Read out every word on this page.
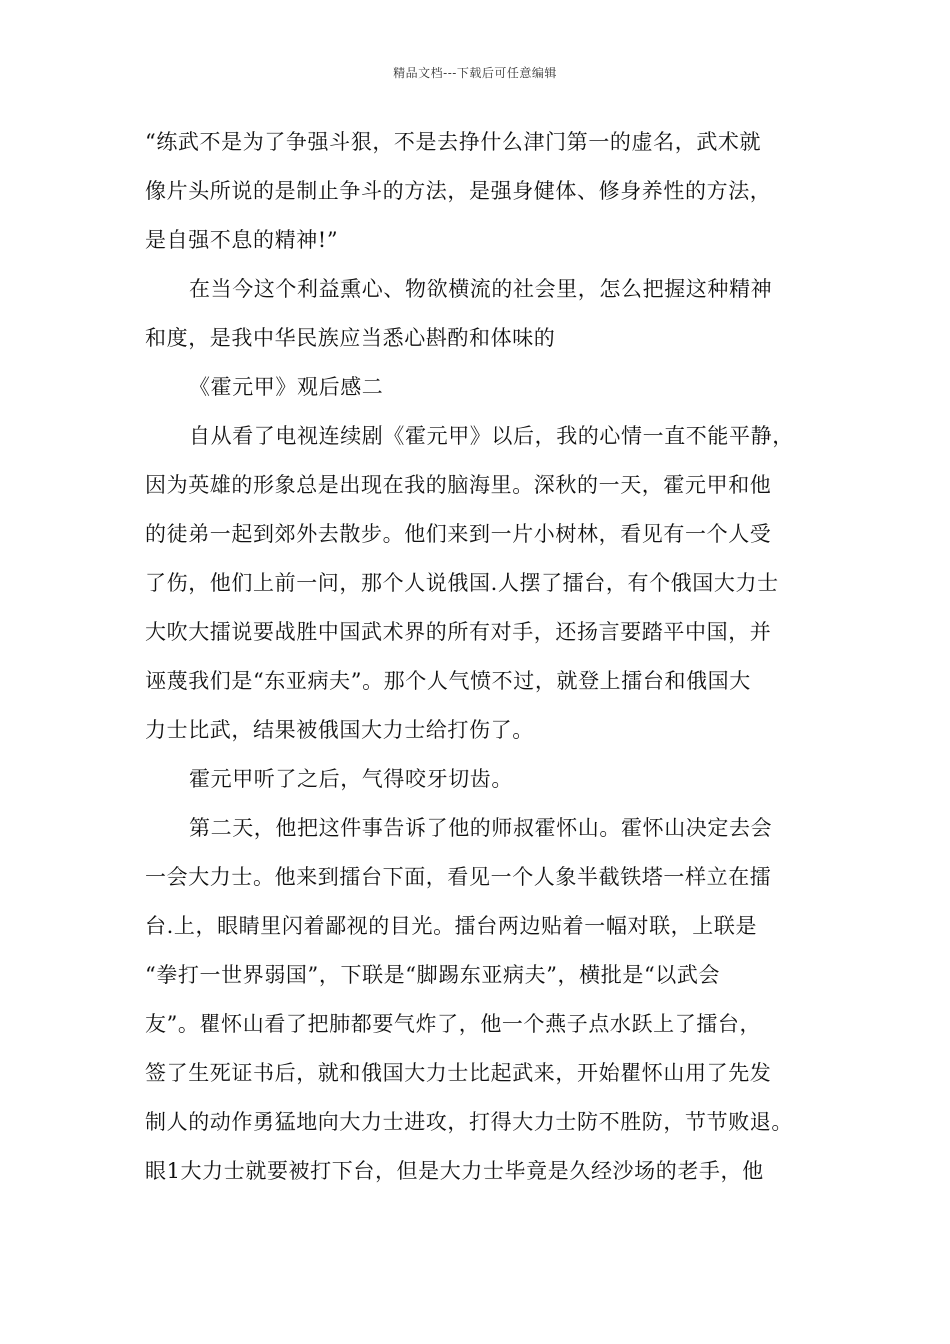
精品文档---下载后可任意编辑
“练武不是为了争强斗狠，不是去挣什么津门第一的虚名，武术就
像片头所说的是制止争斗的方法，是强身健体、修身养性的方法，
是自强不息的精神!”
在当今这个利益熏心、物欲横流的社会里，怎么把握这种精神
和度，是我中华民族应当悉心斟酌和体味的
《霍元甲》观后感二
自从看了电视连续剧《霍元甲》以后，我的心情一直不能平静，
因为英雄的形象总是出现在我的脑海里。深秋的一天，霍元甲和他
的徒弟一起到郊外去散步。他们来到一片小树林，看见有一个人受
了伤，他们上前一问，那个人说俄国.人摆了擂台，有个俄国大力士
大吹大擂说要战胜中国武术界的所有对手，还扬言要踏平中国，并
诬蔑我们是“东亚病夫”。那个人气愤不过，就登上擂台和俄国大
力士比武，结果被俄国大力士给打伤了。
霍元甲听了之后，气得咬牙切齿。
第二天，他把这件事告诉了他的师叔霍怀山。霍怀山决定去会
一会大力士。他来到擂台下面，看见一个人象半截铁塔一样立在擂
台.上，眼睛里闪着鄙视的目光。擂台两边贴着一幅对联，上联是
“拳打一世界弱国”，下联是“脚踢东亚病夫”，横批是“以武会
友”。瞿怀山看了把肺都要气炸了，他一个燕子点水跃上了擂台，
签了生死证书后，就和俄国大力士比起武来，开始瞿怀山用了先发
制人的动作勇猛地向大力士进攻，打得大力士防不胜防，节节败退。
眼1大力士就要被打下台，但是大力士毕竟是久经沙场的老手，他
